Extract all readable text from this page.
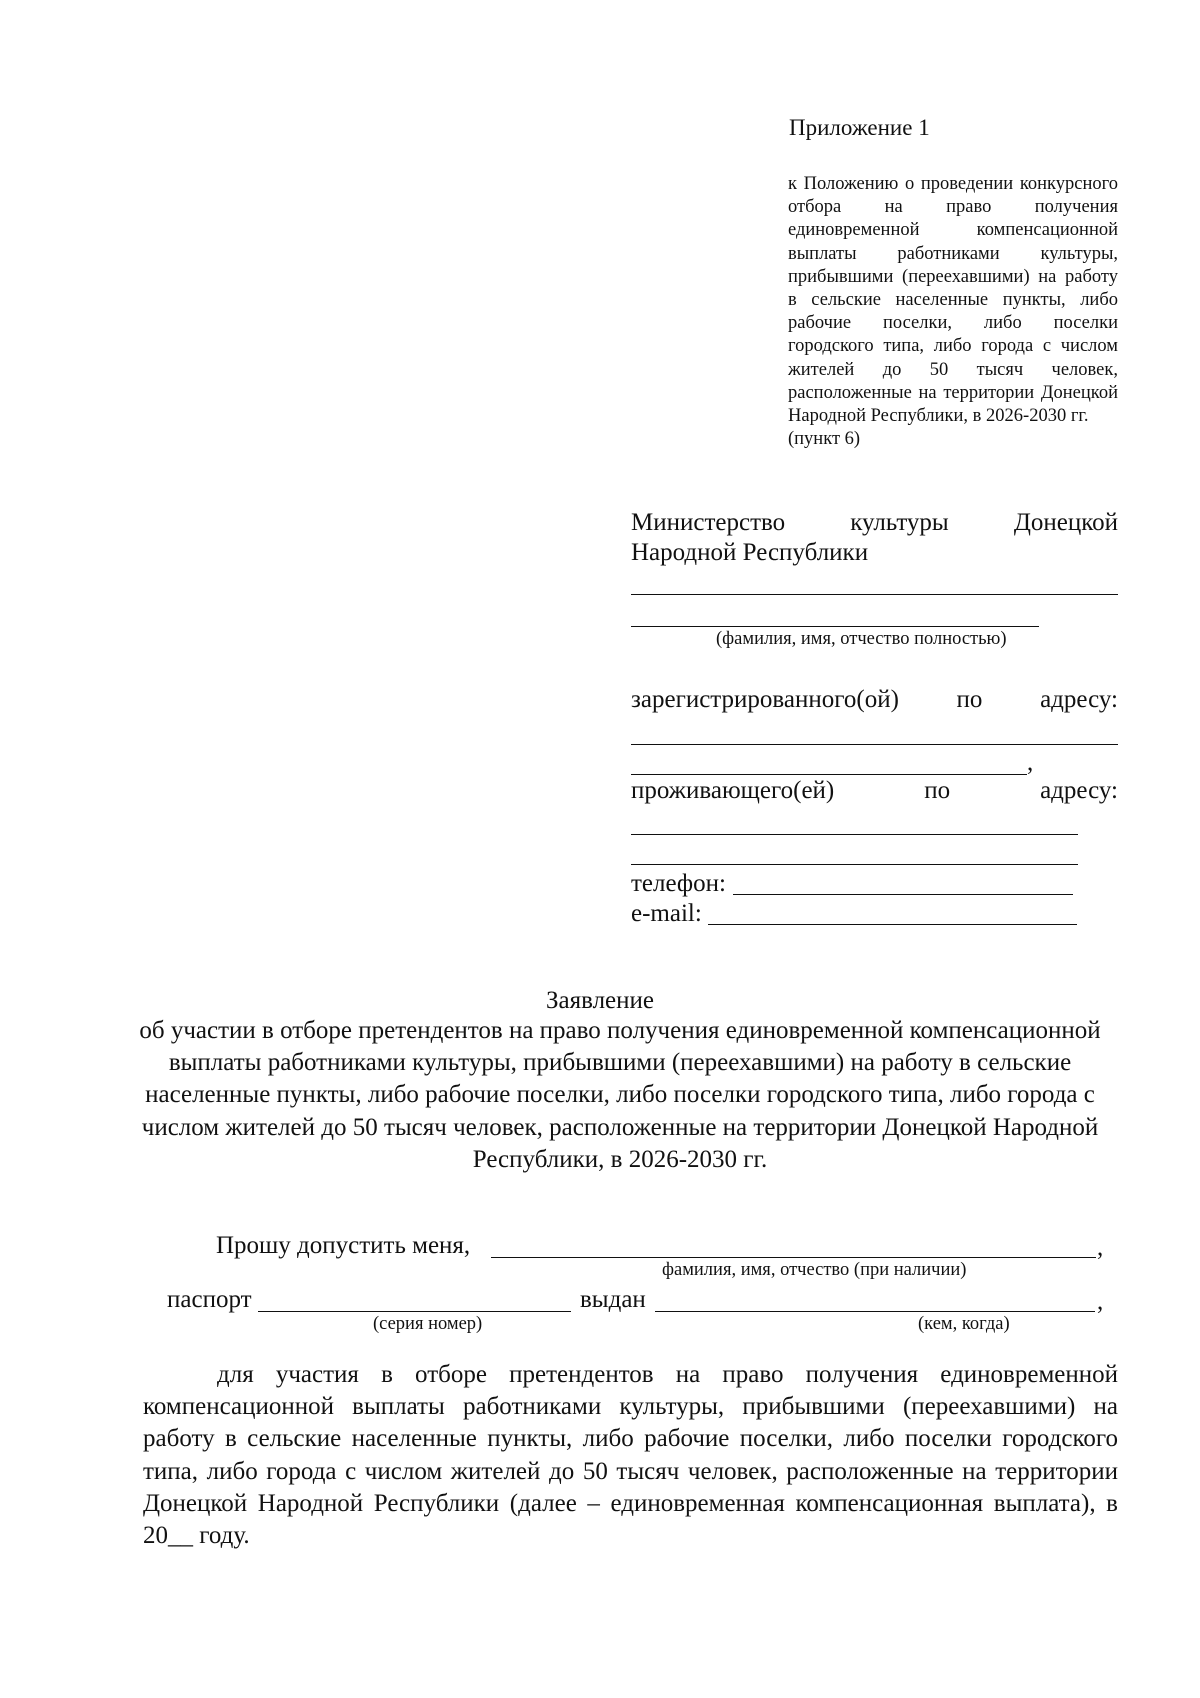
Приложение 1

к Положению о проведении конкурсного отбора на право получения единовременной компенсационной выплаты работниками культуры, прибывшими (переехавшими) на работу в сельские населенные пункты, либо рабочие поселки, либо поселки городского типа, либо города с числом жителей до 50 тысяч человек, расположенные на территории Донецкой Народной Республики, в 2026-2030 гг.

(пункт 6)

Министерство	культуры	Донецкой
Народной Республики
(фамилия, имя, отчество полностью)
зарегистрированного(ой) по адресу:
,
проживающего(ей)	по	адресу:
телефон:
e-mail:
Заявление
об участии в отборе претендентов на право получения единовременной компенсационной выплаты работниками культуры, прибывшими (переехавшими) на работу в сельские населенные пункты, либо рабочие поселки, либо поселки городского типа, либо города с числом жителей до 50 тысяч человек, расположенные на территории Донецкой Народной Республики, в 2026-2030 гг.
Прошу допустить меня,	,
фамилия, имя, отчество (при наличии)
паспорт	выдан	,
(серия номер)	(кем, когда)

для участия в отборе претендентов на право получения единовременной компенсационной выплаты работниками культуры, прибывшими (переехавшими) на работу в сельские населенные пункты, либо рабочие поселки, либо поселки городского типа, либо города с числом жителей до 50 тысяч человек, расположенные на территории Донецкой Народной Республики (далее – единовременная компенсационная выплата), в 20__ году.
